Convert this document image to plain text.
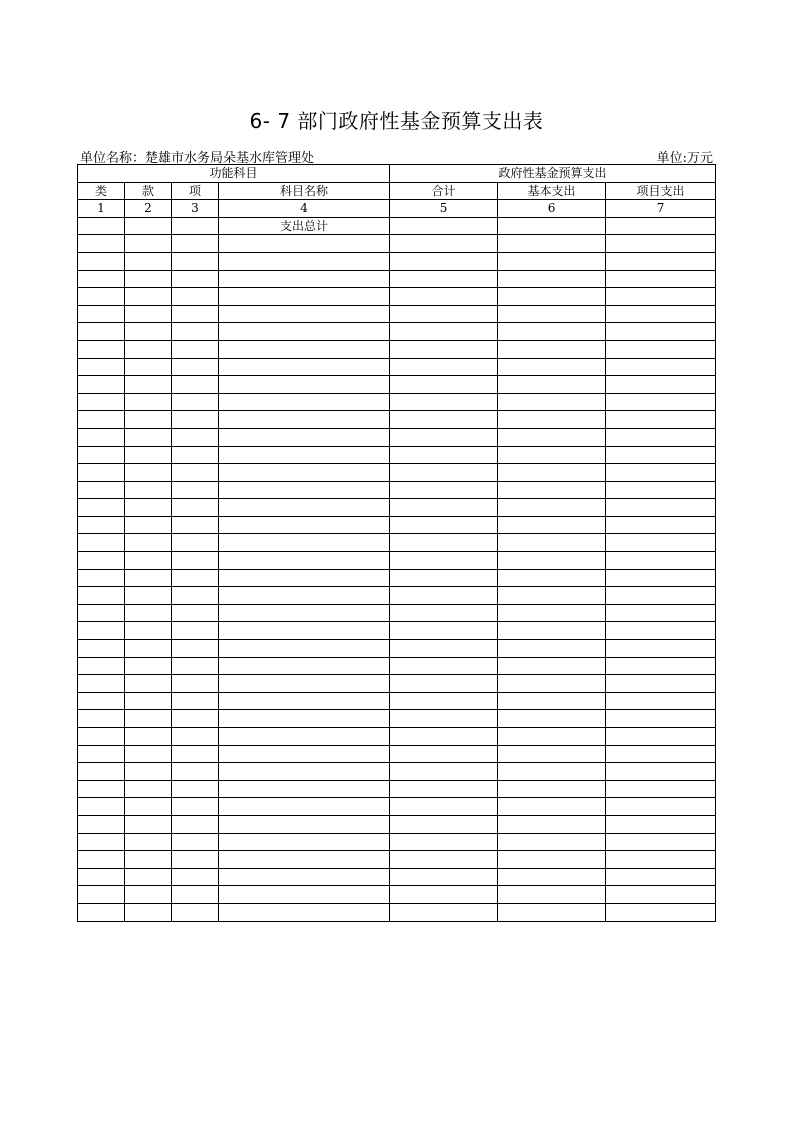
6- 7 部门政府性基金预算支出表
单位名称：楚雄市水务局朵基水库管理处	单位:万元
功能科目				政府性基金预算支出		
类	款	项	科目名称	合计	基本支出	项目支出
1	2	3	4	5	6	7
			支出总计			
